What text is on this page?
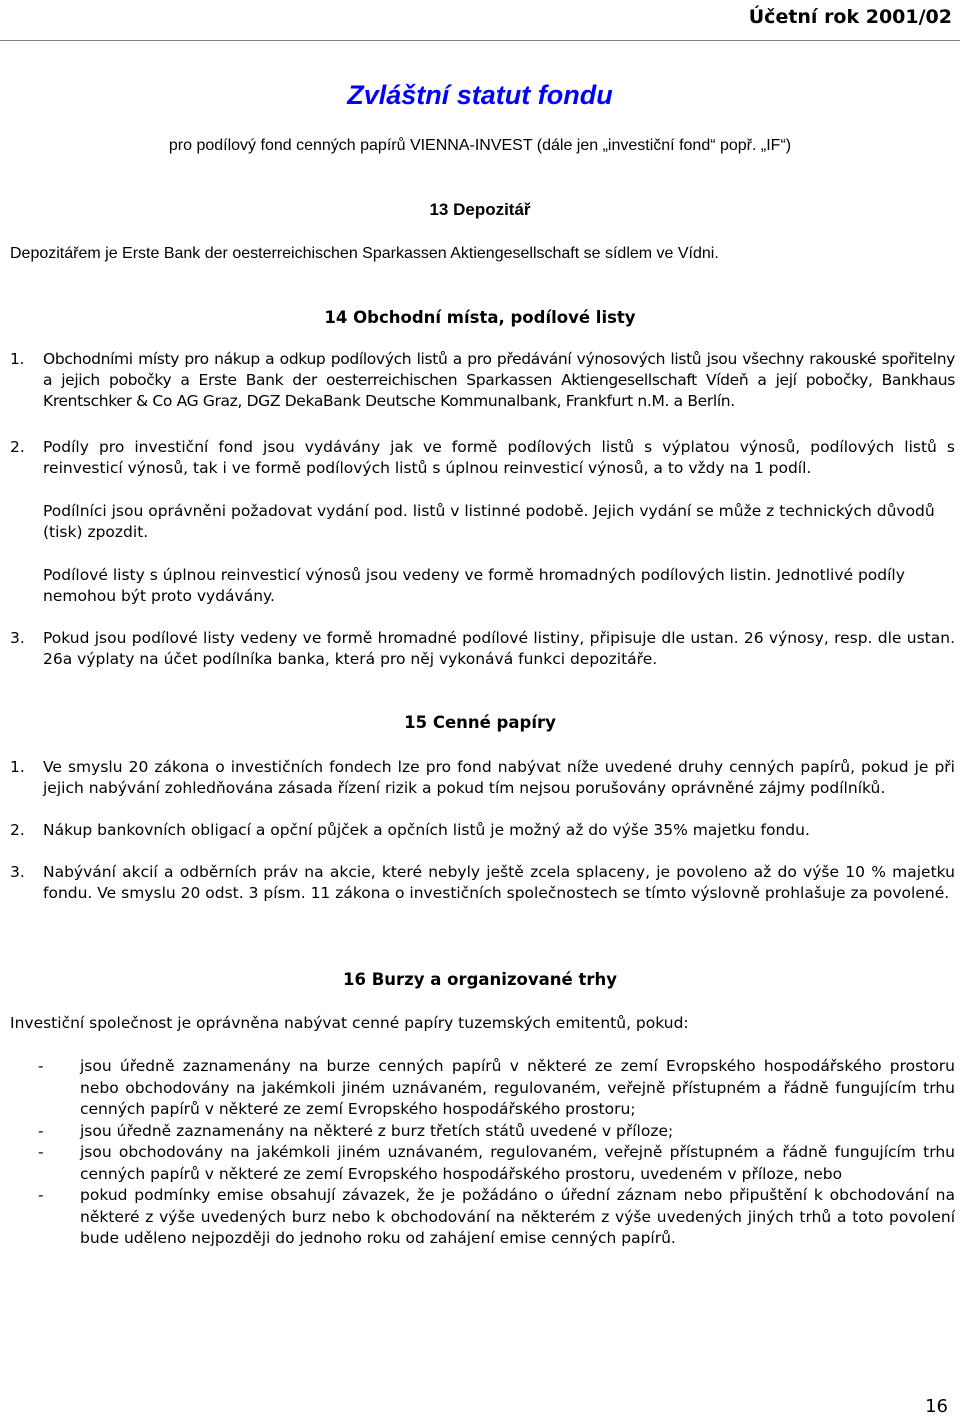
Účetní rok 2001/02
Zvláštní statut fondu
pro podílový fond cenných papírů VIENNA-INVEST (dále jen „investiční fond“ popř. „IF“)
13 Depozitář
Depozitářem je Erste Bank der oesterreichischen Sparkassen Aktiengesellschaft se sídlem ve Vídni.
14 Obchodní místa, podílové listy
1.	Obchodními místy pro nákup a odkup podílových listů a pro předávání výnosových listů jsou všechny rakouské spořitelny a jejich pobočky a Erste Bank der oesterreichischen Sparkassen Aktiengesellschaft Vídeň a její pobočky, Bankhaus Krentschker & Co AG Graz, DGZ DekaBank Deutsche Kommunalbank, Frankfurt n.M. a Berlín.
2.	Podíly pro investiční fond jsou vydávány jak ve formě podílových listů s výplatou výnosů, podílových listů s reinvesticí výnosů, tak i ve formě podílových listů s úplnou reinvesticí výnosů, a to vždy na 1 podíl.
Podílníci jsou oprávněni požadovat vydání pod. listů v listinné podobě. Jejich vydání se může z technických důvodů (tisk) zpozdit.
Podílové listy s úplnou reinvesticí výnosů jsou vedeny ve formě hromadných podílových listin. Jednotlivé podíly nemohou být proto vydávány.
3.	Pokud jsou podílové listy vedeny ve formě hromadné podílové listiny, připisuje dle ustan. 26 výnosy, resp. dle ustan. 26a výplaty na účet podílníka banka, která pro něj vykonává funkci depozitáře.
15 Cenné papíry
1.	Ve smyslu 20 zákona o investičních fondech lze pro fond nabývat níže uvedené druhy cenných papírů, pokud je při jejich nabývání zohledňována zásada řízení rizik a pokud tím nejsou porušovány oprávněné zájmy podílníků.
2.	Nákup bankovních obligací a opční půjček a opčních listů je možný až do výše 35% majetku fondu.
3.	Nabývání akcií a odběrních práv na akcie, které nebyly ještě zcela splaceny, je povoleno až do výše 10 % majetku fondu. Ve smyslu 20 odst. 3 písm. 11 zákona o investičních společnostech se tímto výslovně prohlašuje za povolené.
16 Burzy a organizované trhy
Investiční společnost je oprávněna nabývat cenné papíry tuzemských emitentů, pokud:
-	jsou úředně zaznamenány na burze cenných papírů v některé ze zemí Evropského hospodářského prostoru nebo obchodovány na jakémkoli jiném uznávaném, regulovaném, veřejně přístupném a řádně fungujícím trhu cenných papírů v některé ze zemí Evropského hospodářského prostoru;
-	jsou úředně zaznamenány na některé z burz třetích států uvedené v příloze;
-	jsou obchodovány na jakémkoli jiném uznávaném, regulovaném, veřejně přístupném a řádně fungujícím trhu cenných papírů v některé ze zemí Evropského hospodářského prostoru, uvedeném v příloze, nebo
-	pokud podmínky emise obsahují závazek, že je požádáno o úřední záznam nebo připuštění k obchodování na některé z výše uvedených burz nebo k obchodování na některém z výše uvedených jiných trhů a toto povolení bude uděleno nejpozději do jednoho roku od zahájení emise cenných papírů.
16
